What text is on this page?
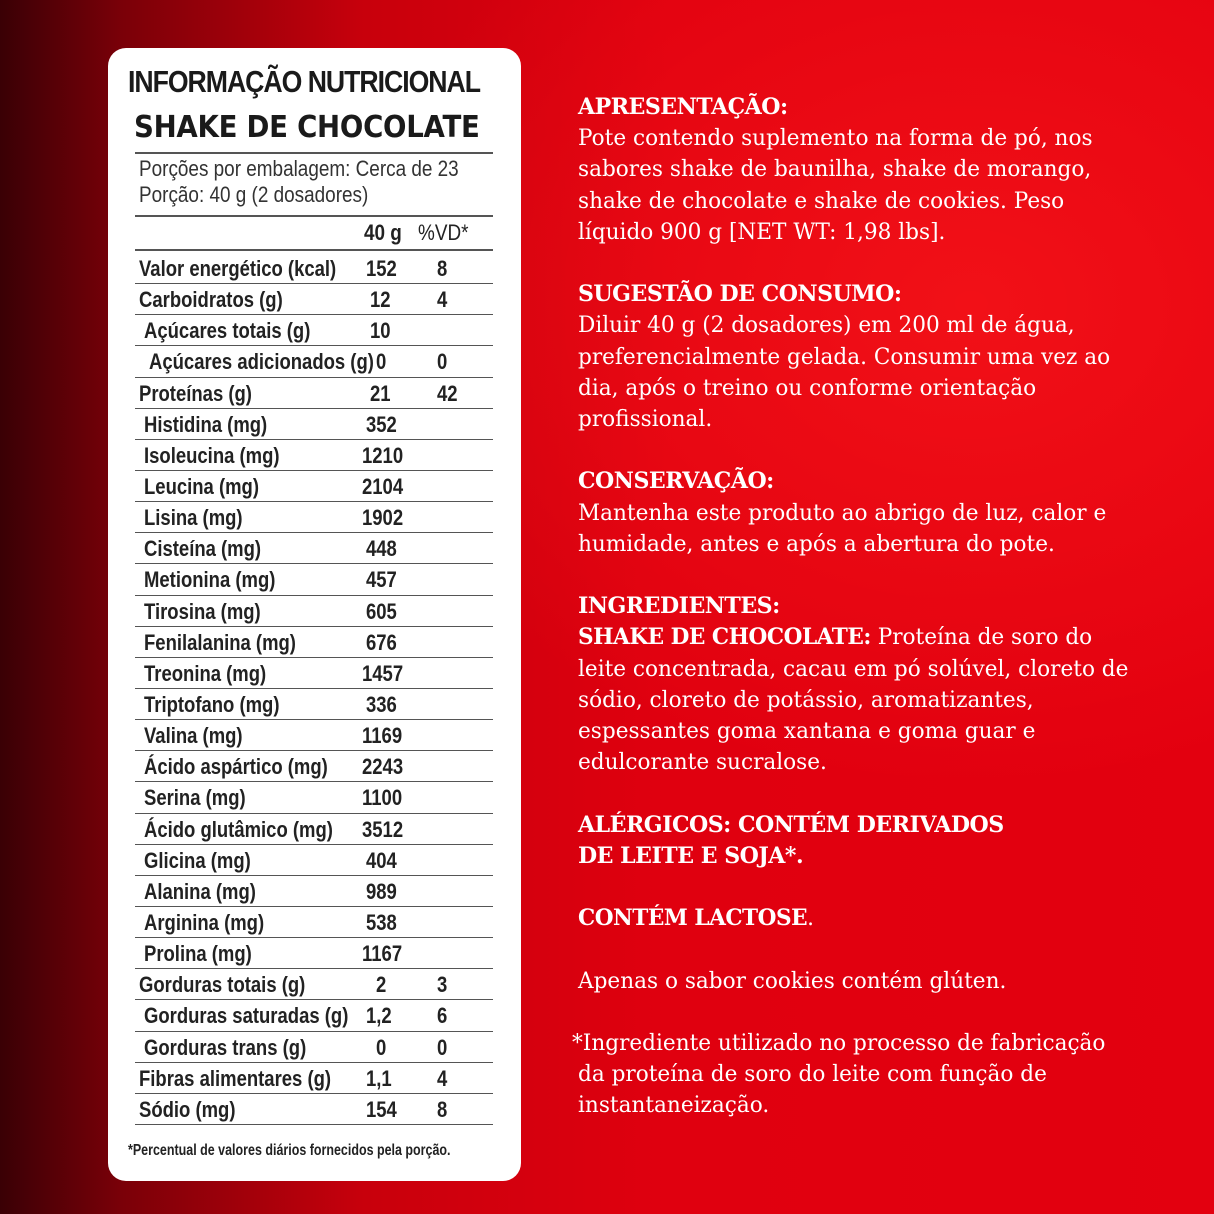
INFORMAÇÃO NUTRICIONAL
SHAKE DE CHOCOLATE
Porções por embalagem: Cerca de 23
Porção: 40 g (2 dosadores)
40 g %VD*
Valor energético (kcal) 152	8
Carboidratos (g)	12	4
Açúcares totais (g)	10
Açúcares adicionados (g) 0	0
Proteínas (g)	21	42
Histidina (mg)	352
Isoleucina (mg)	1210
Leucina (mg)	2104
Lisina (mg)	1902
Cisteína (mg)	448
Metionina (mg)	457
Tirosina (mg)	605
Fenilalanina (mg)	676
Treonina (mg)	1457
Triptofano (mg)	336
Valina (mg)	1169
Ácido aspártico (mg) 2243
Serina (mg)	1100
Ácido glutâmico (mg) 3512
Glicina (mg)	404
Alanina (mg)	989
Arginina (mg)	538
Prolina (mg)	1167
Gorduras totais (g)	2	3
Gorduras saturadas (g) 1,2	6
Gorduras trans (g)	0	0
Fibras alimentares (g) 1,1	4
Sódio (mg)	154	8
*Percentual de valores diários fornecidos pela porção.
APRESENTAÇÃO:

Pote contendo suplemento na forma de pó, nos

sabores shake de baunilha, shake de morango,

shake de chocolate e shake de cookies. Peso

líquido 900 g [NET WT: 1,98 lbs].

SUGESTÃO DE CONSUMO:

Diluir 40 g (2 dosadores) em 200 ml de água,

preferencialmente gelada. Consumir uma vez ao

dia, após o treino ou conforme orientação

profissional.

CONSERVAÇÃO:

Mantenha este produto ao abrigo de luz, calor e

humidade, antes e após a abertura do pote.

INGREDIENTES:

SHAKE DE CHOCOLATE: Proteína de soro do

leite concentrada, cacau em pó solúvel, cloreto de

sódio, cloreto de potássio, aromatizantes,

espessantes goma xantana e goma guar e

edulcorante sucralose.

ALÉRGICOS: CONTÉM DERIVADOS
DE LEITE E SOJA*.

CONTÉM LACTOSE.

Apenas o sabor cookies contém glúten.

*Ingrediente utilizado no processo de fabricação

da proteína de soro do leite com função de

instantaneização.
